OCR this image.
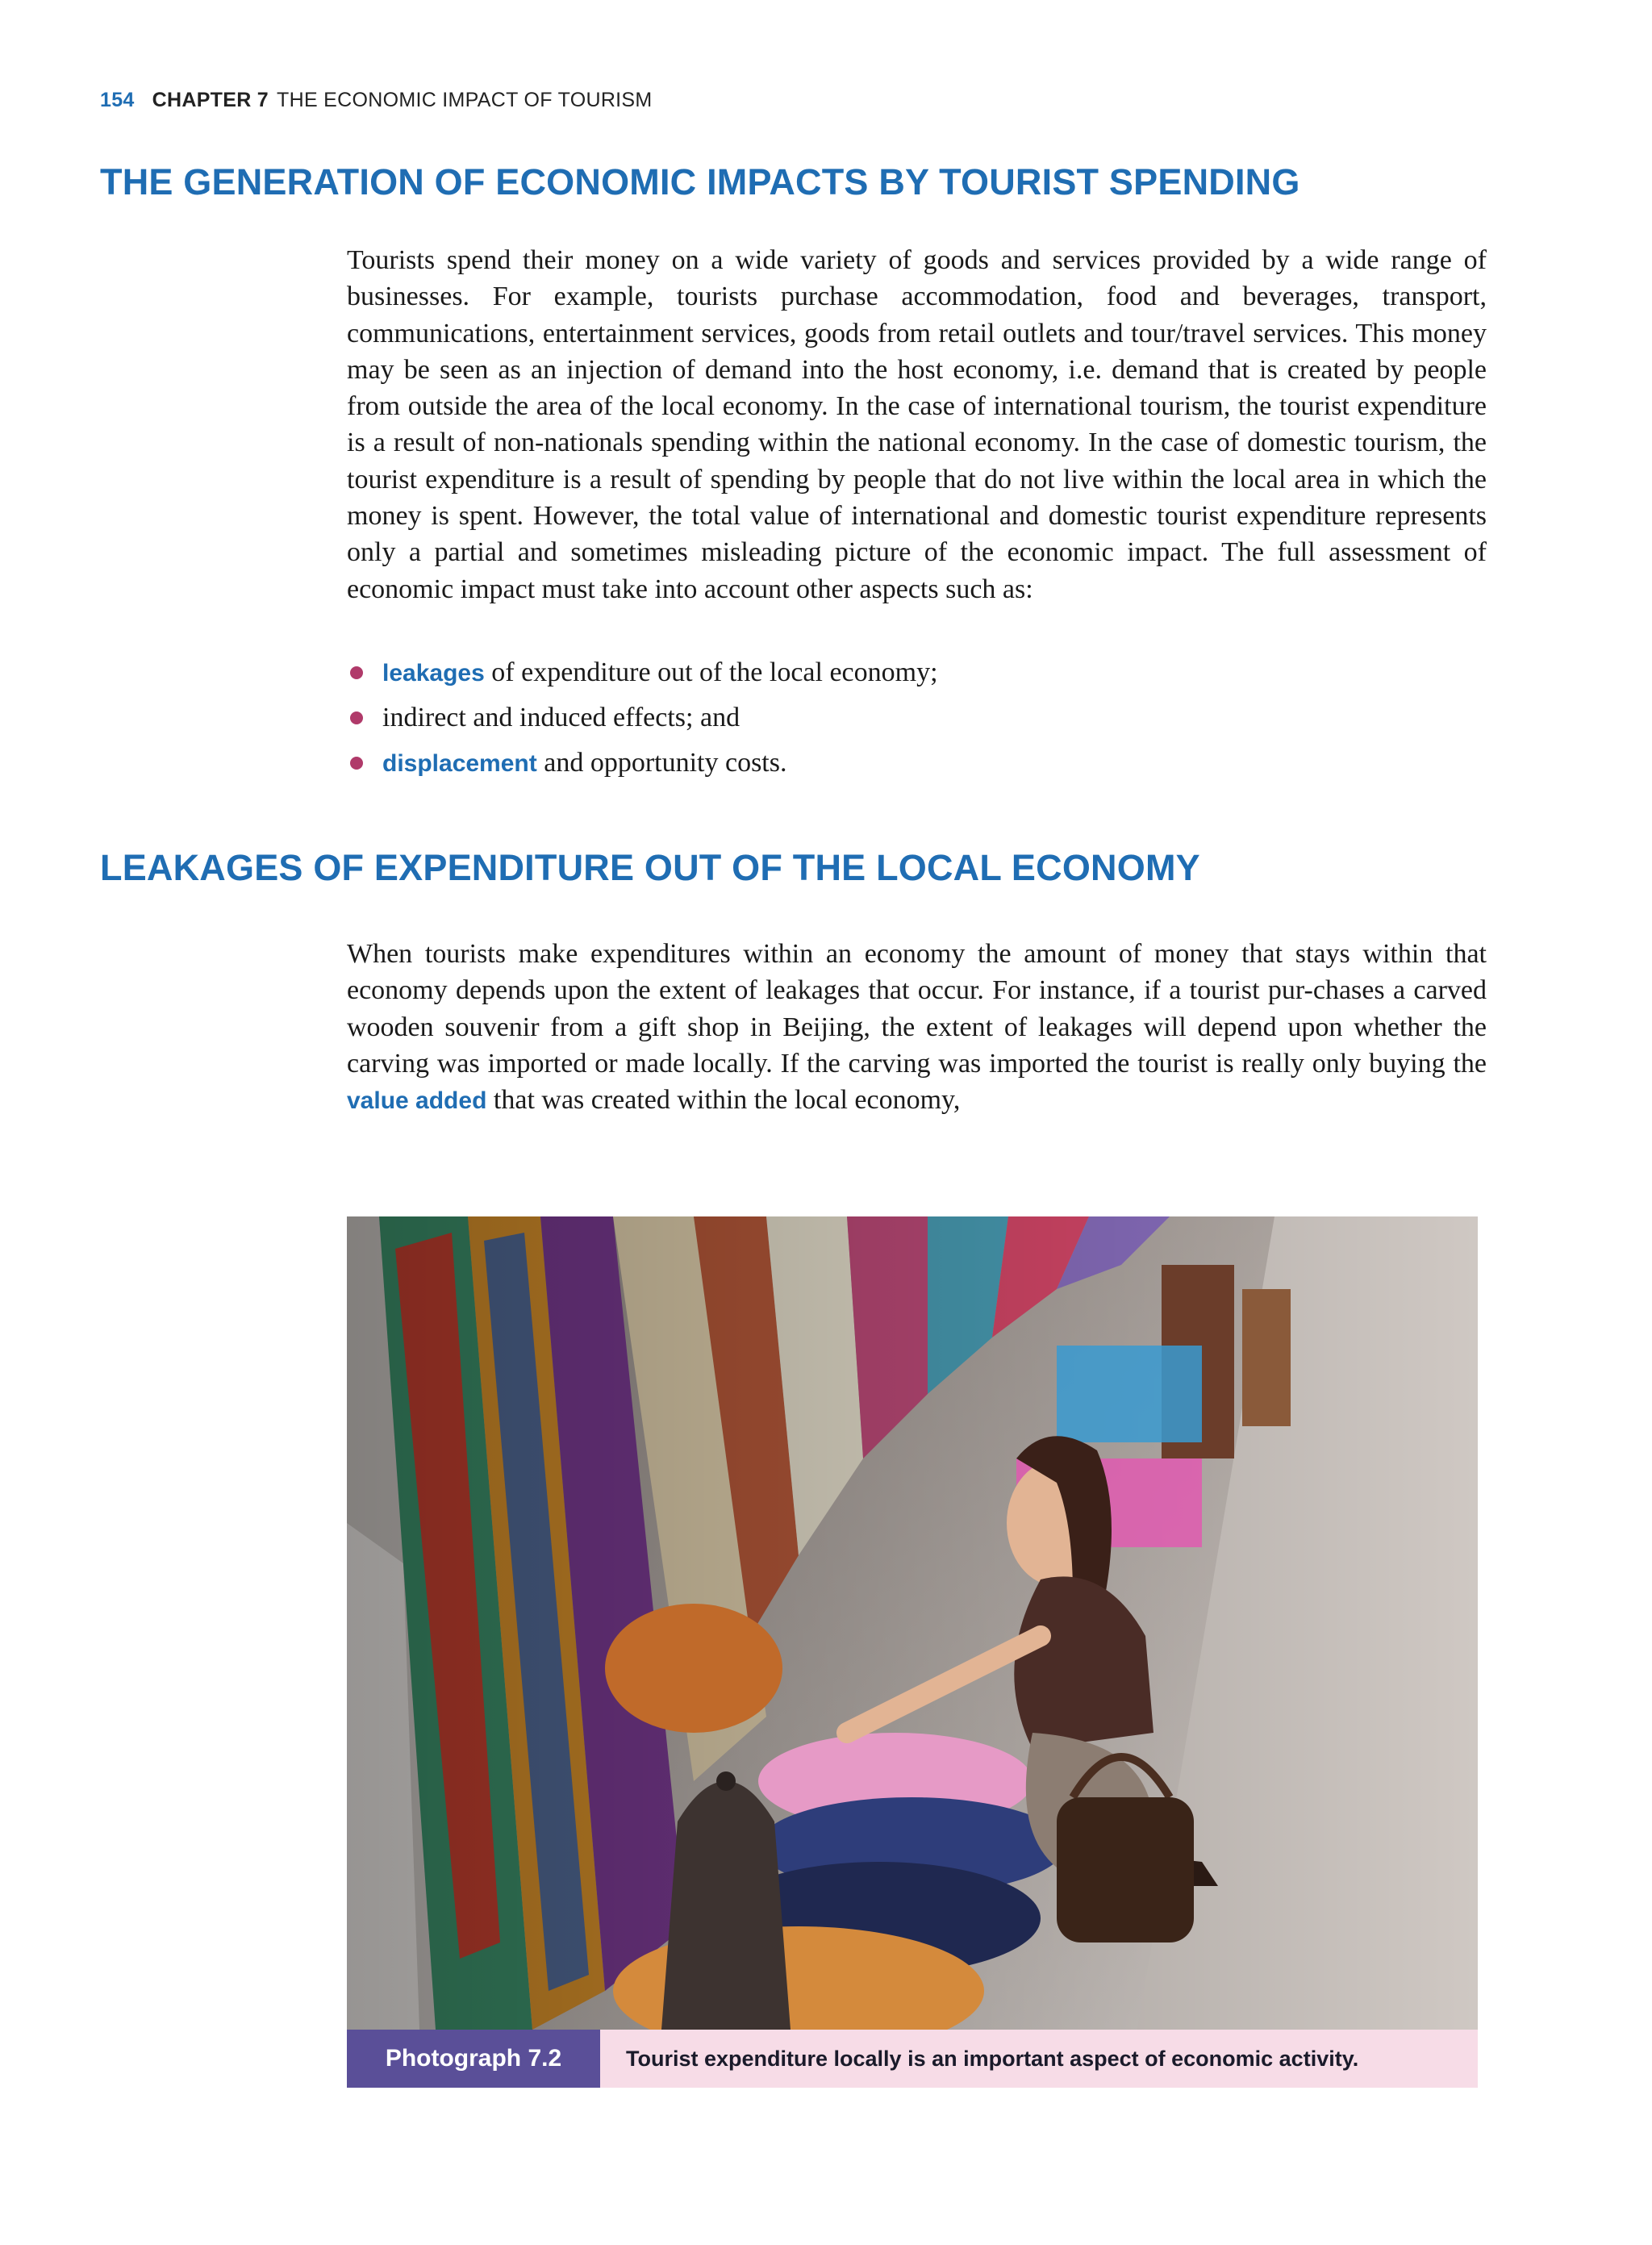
154 CHAPTER 7 THE ECONOMIC IMPACT OF TOURISM
THE GENERATION OF ECONOMIC IMPACTS BY TOURIST SPENDING

Tourists spend their money on a wide variety of goods and services provided by a wide range of businesses. For example, tourists purchase accommodation, food and beverages, transport, communications, entertainment services, goods from retail outlets and tour/travel services. This money may be seen as an injection of demand into the host economy, i.e. demand that is created by people from outside the area of the local economy. In the case of international tourism, the tourist expenditure is a result of non-nationals spending within the national economy. In the case of domestic tourism, the tourist expenditure is a result of spending by people that do not live within the local area in which the money is spent. However, the total value of international and domestic tourist expenditure represents only a partial and sometimes misleading picture of the economic impact. The full assessment of economic impact must take into account other aspects such as:

leakages of expenditure out of the local economy;
indirect and induced effects; and
displacement and opportunity costs.
LEAKAGES OF EXPENDITURE OUT OF THE LOCAL ECONOMY

When tourists make expenditures within an economy the amount of money that stays within that economy depends upon the extent of leakages that occur. For instance, if a tourist pur-chases a carved wooden souvenir from a gift shop in Beijing, the extent of leakages will depend upon whether the carving was imported or made locally. If the carving was imported the tourist is really only buying the value added that was created within the local economy,

Photograph 7.2	Tourist expenditure locally is an important aspect of economic activity.
